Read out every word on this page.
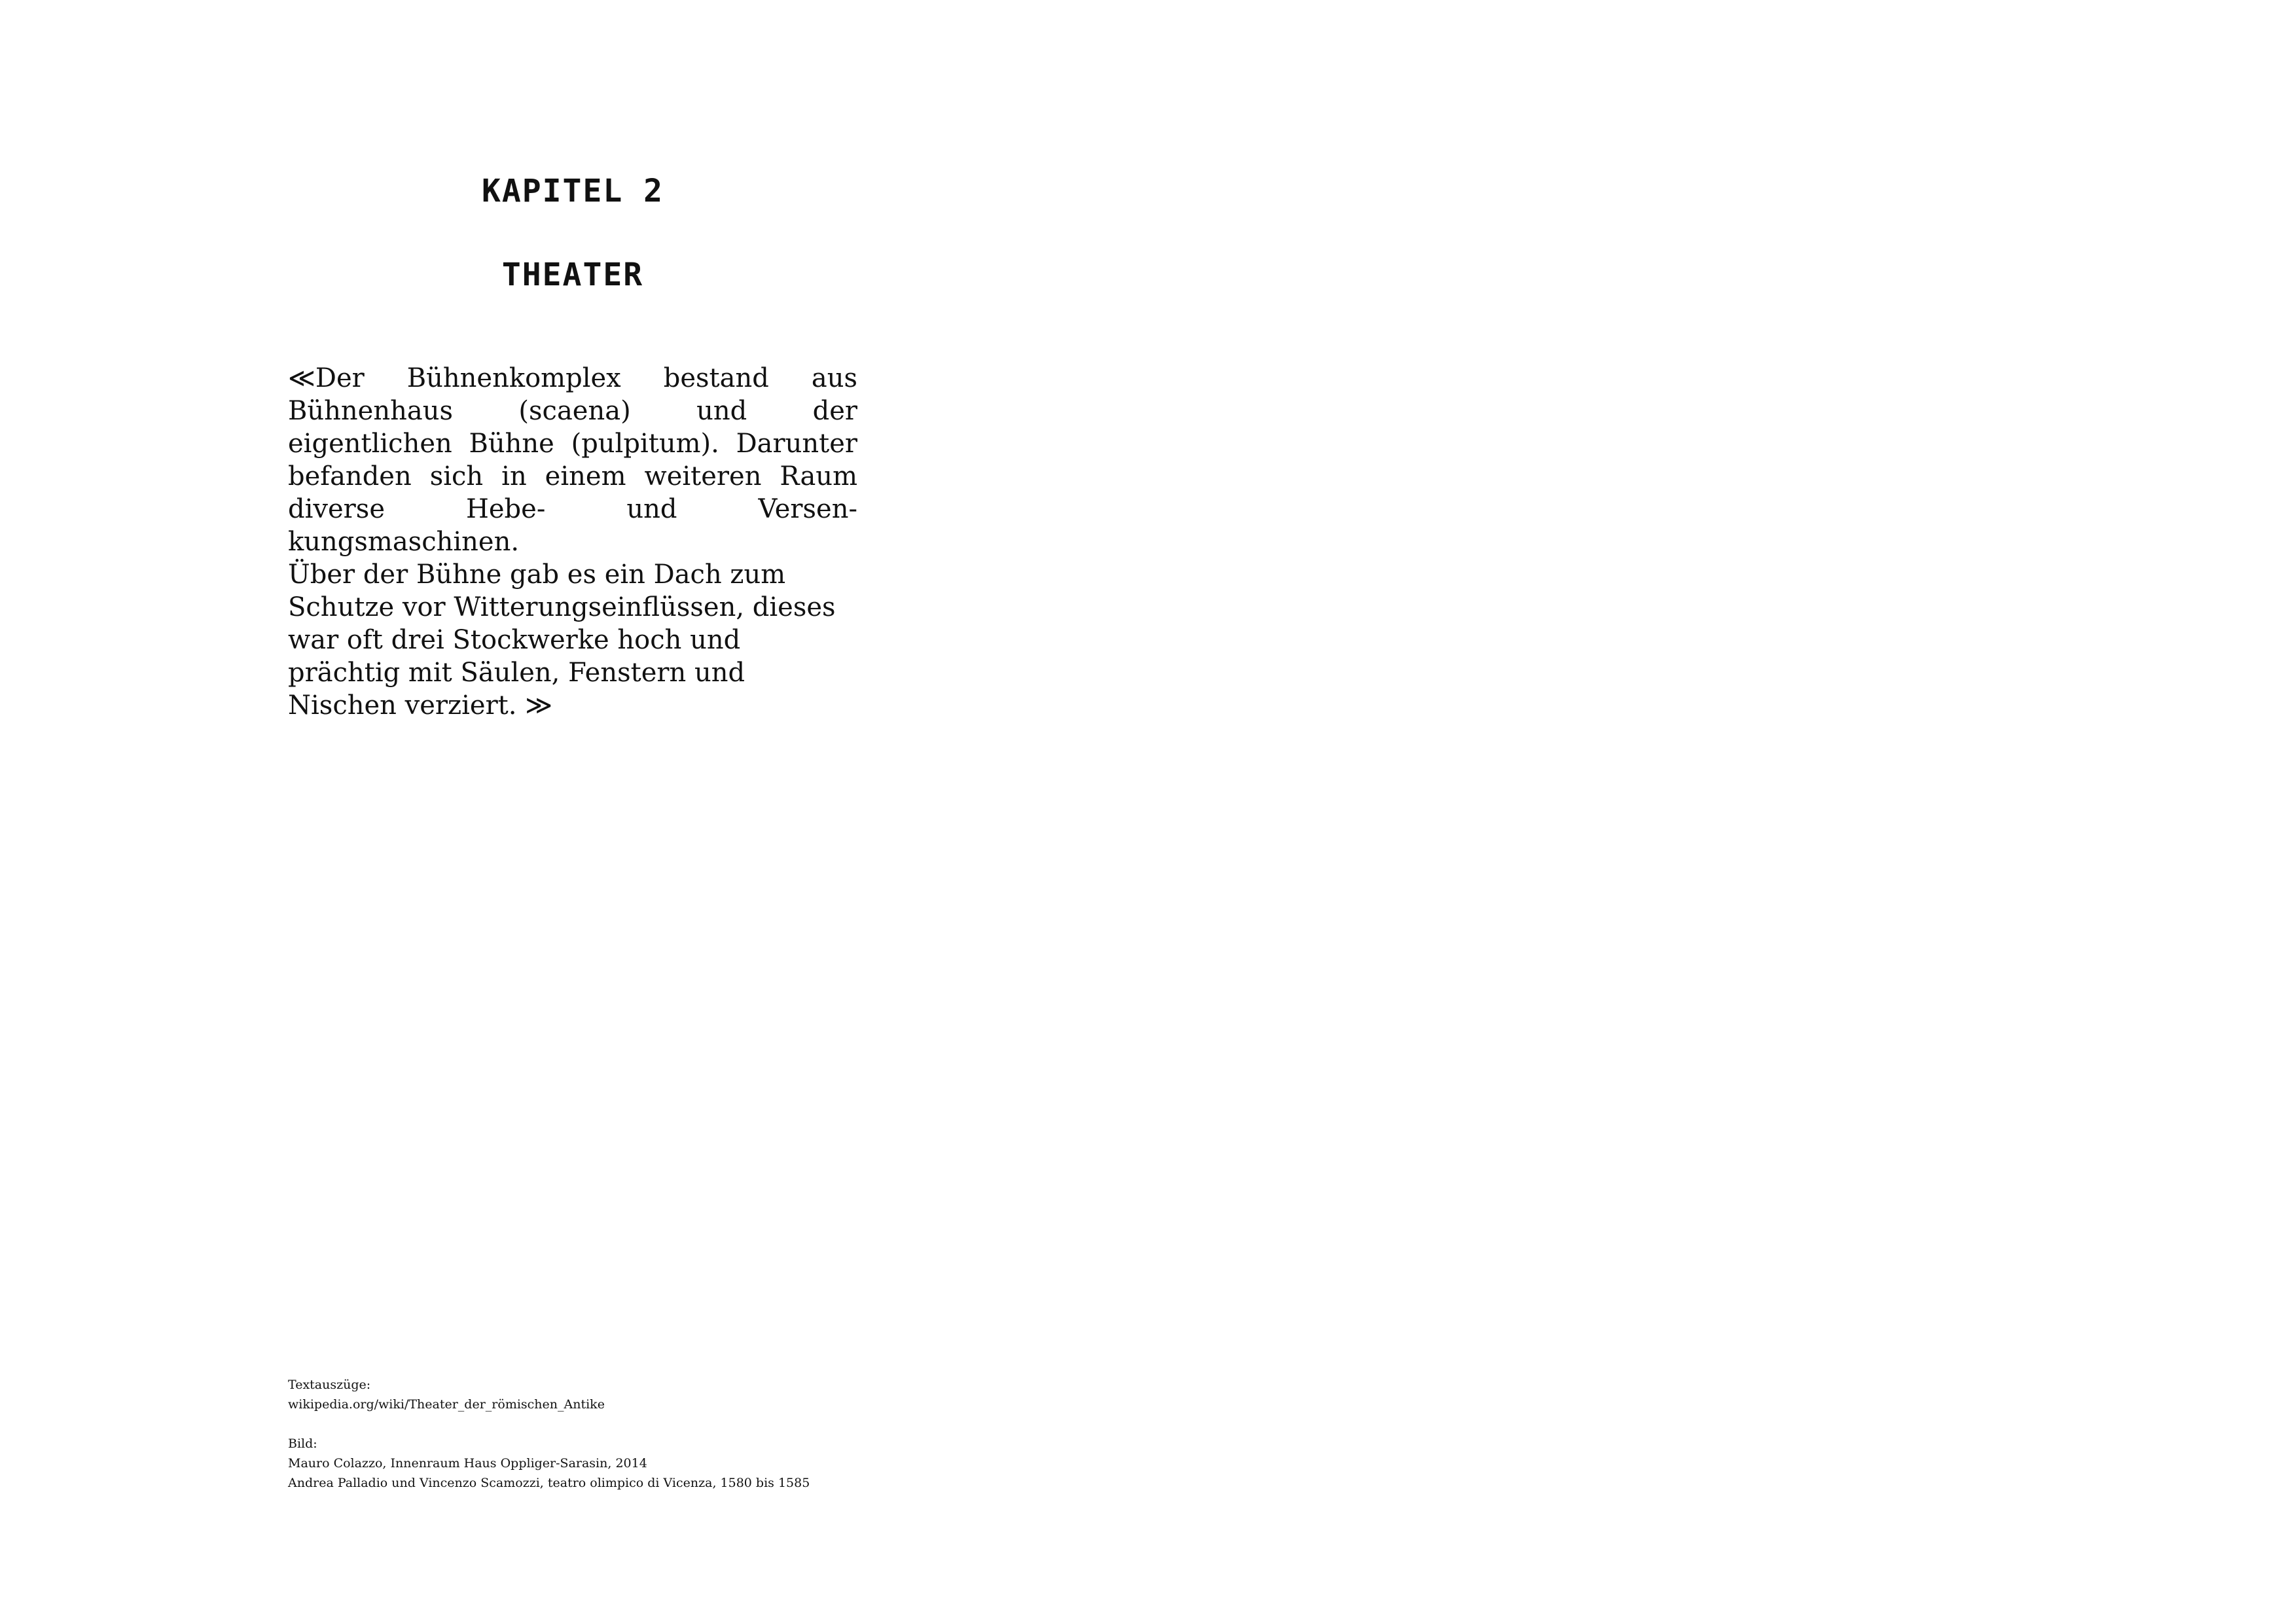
KAPITEL 2
THEATER

≪Der Bühnenkomplex bestand aus Bühnenhaus (scaena) und der eigentlichen Bühne (pulpitum). Darunter befanden sich in einem weiteren Raum diverse Hebe- und Versenkungsmaschinen.

Über der Bühne gab es ein Dach zum Schutze vor Witterungseinflüssen, dieses war oft drei Stockwerke hoch und prächtig mit Säulen, Fenstern und Nischen verziert. ≫

Textauszüge:
wikipedia.org/wiki/Theater_der_römischen_Antike
Bild:
Mauro Colazzo, Innenraum Haus Oppliger-Sarasin, 2014
Andrea Palladio und Vincenzo Scamozzi, teatro olimpico di Vicenza, 1580 bis 1585
